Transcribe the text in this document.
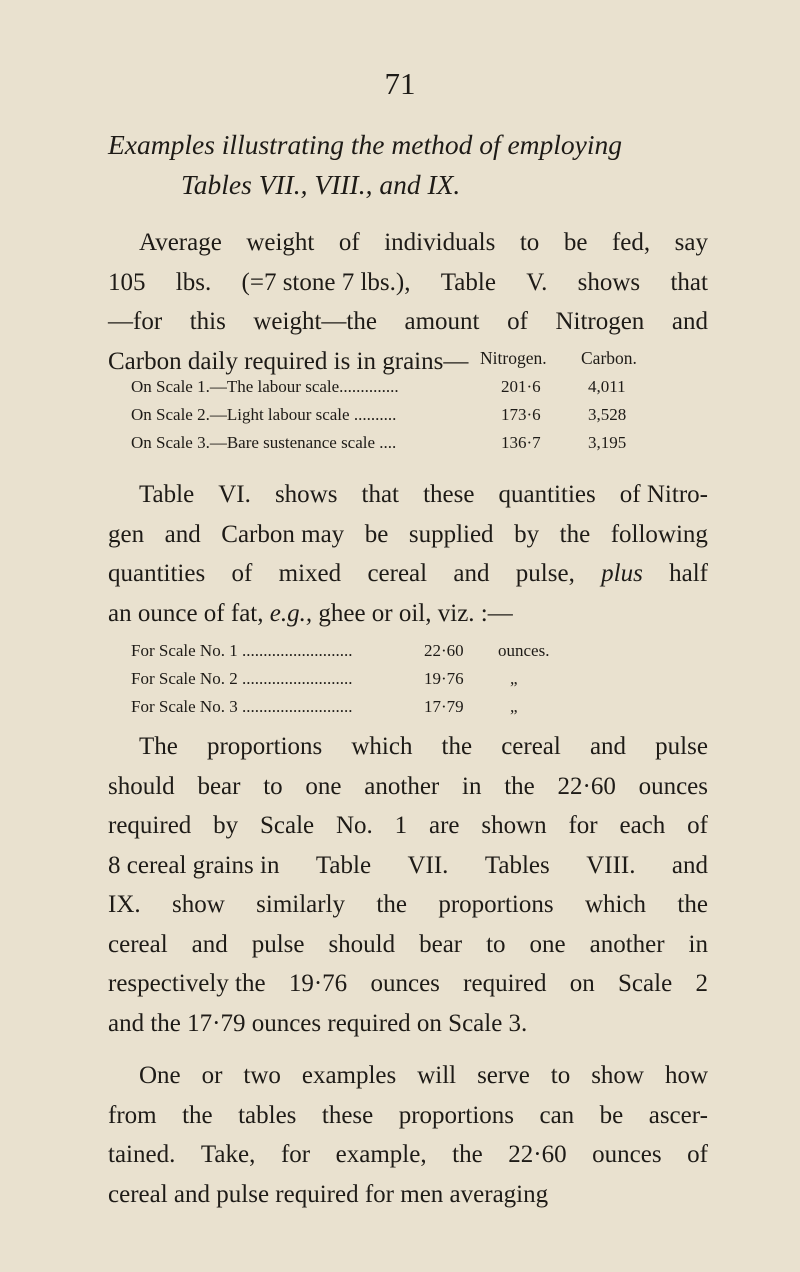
71
Examples illustrating the method of employing
Tables VII., VIII., and IX.
Average weight of individuals to be fed, say
105 lbs. (=7 stone 7 lbs.), Table V. shows that
—for this weight—the amount of Nitrogen and
Carbon daily required is in grains— Nitrogen. Carbon.
On Scale 1.—The labour scale..............	201·6	4,011
On Scale 2.—Light labour scale ..........	173·6	3,528
On Scale 3.—Bare sustenance scale ....	136·7	3,195
Table VI. shows that these quantities of Nitro-
gen and Carbon may be supplied by the following
quantities of mixed cereal and pulse, plus half
an ounce of fat, e.g., ghee or oil, viz. :—
For Scale No. 1 ..........................	22·60 ounces.
For Scale No. 2 ..........................	19·76	„
For Scale No. 3 ..........................	17·79	„
The proportions which the cereal and pulse
should bear to one another in the 22·60 ounces
required by Scale No. 1 are shown for each of
8 cereal grains in Table VII. Tables VIII. and
IX. show similarly the proportions which the
cereal and pulse should bear to one another in
respectively the 19·76 ounces required on Scale 2
and the 17·79 ounces required on Scale 3.
One or two examples will serve to show how
from the tables these proportions can be ascer-
tained. Take, for example, the 22·60 ounces of
cereal and pulse required for men averaging
